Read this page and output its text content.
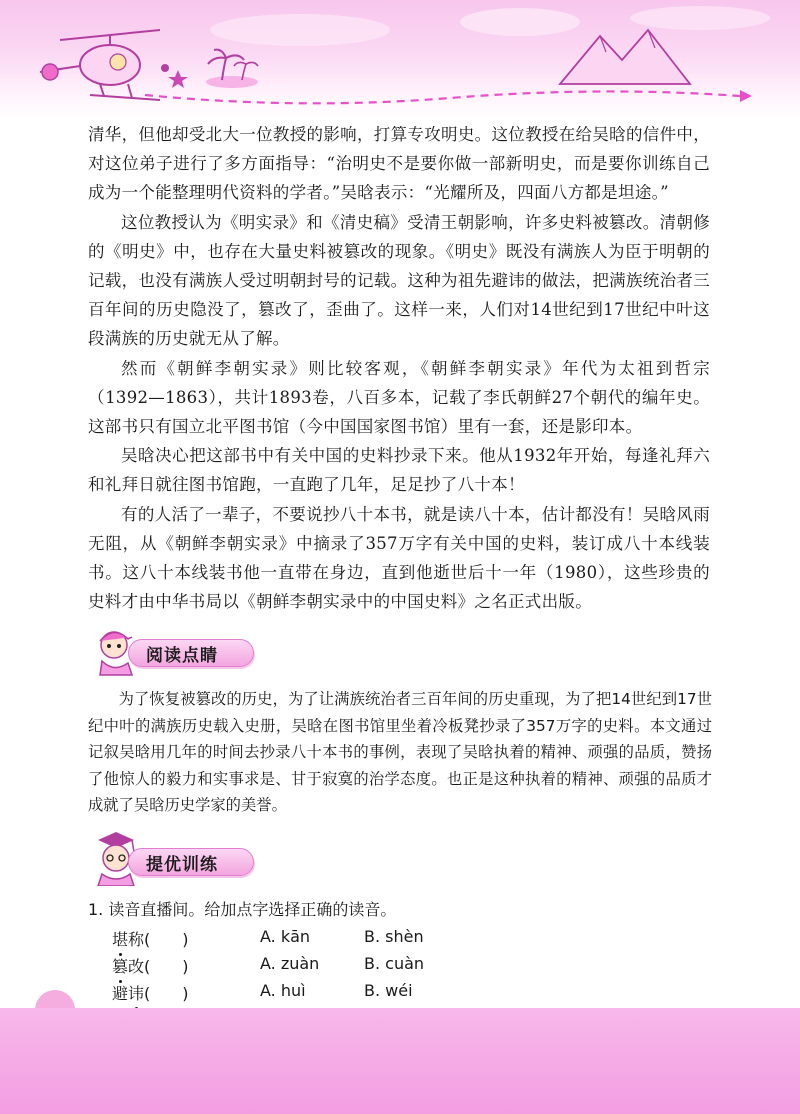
清华，但他却受北大一位教授的影响，打算专攻明史。这位教授在给吴晗的信件中，对这位弟子进行了多方面指导：“治明史不是要你做一部新明史，而是要你训练自己成为一个能整理明代资料的学者。”吴晗表示：“光耀所及，四面八方都是坦途。”

这位教授认为《明实录》和《清史稿》受清王朝影响，许多史料被篡改。清朝修的《明史》中，也存在大量史料被篡改的现象。《明史》既没有满族人为臣于明朝的记载，也没有满族人受过明朝封号的记载。这种为祖先避讳的做法，把满族统治者三百年间的历史隐没了，篡改了，歪曲了。这样一来，人们对14世纪到17世纪中叶这段满族的历史就无从了解。

然而《朝鲜李朝实录》则比较客观，《朝鲜李朝实录》年代为太祖到哲宗（1392—1863），共计1893卷，八百多本，记载了李氏朝鲜27个朝代的编年史。这部书只有国立北平图书馆（今中国国家图书馆）里有一套，还是影印本。

吴晗决心把这部书中有关中国的史料抄录下来。他从1932年开始，每逢礼拜六和礼拜日就往图书馆跑，一直跑了几年，足足抄了八十本！

有的人活了一辈子，不要说抄八十本书，就是读八十本，估计都没有！吴晗风雨无阻，从《朝鲜李朝实录》中摘录了357万字有关中国的史料，装订成八十本线装书。这八十本线装书他一直带在身边，直到他逝世后十一年（1980），这些珍贵的史料才由中华书局以《朝鲜李朝实录中的中国史料》之名正式出版。

阅读点睛

为了恢复被篡改的历史，为了让满族统治者三百年间的历史重现，为了把14世纪到17世纪中叶的满族历史载入史册，吴晗在图书馆里坐着冷板凳抄录了357万字的史料。本文通过记叙吴晗用几年的时间去抄录八十本书的事例，表现了吴晗执着的精神、顽强的品质，赞扬了他惊人的毅力和实事求是、甘于寂寞的治学态度。也正是这种执着的精神、顽强的品质才成就了吴晗历史学家的美誉。

提优训练
1. 读音直播间。给加点字选择正确的读音。
堪称(　　)	A. kān	B. shèn
篡改(　　)	A. zuàn	B. cuàn
避讳(　　)	A. huì	B. wéi
